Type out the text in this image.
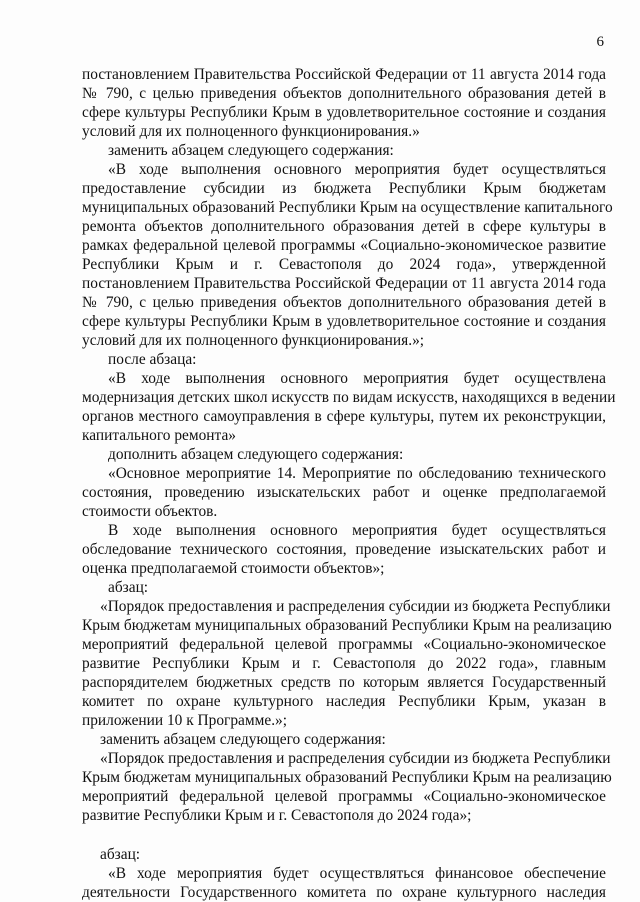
6
постановлением Правительства Российской Федерации от 11 августа 2014 года
№ 790, с целью приведения объектов дополнительного образования детей в
сфере культуры Республики Крым в удовлетворительное состояние и создания
условий для их полноценного функционирования.»
заменить абзацем следующего содержания:
«В ходе выполнения основного мероприятия будет осуществляться
предоставление субсидии из бюджета Республики Крым бюджетам
муниципальных образований Республики Крым на осуществление капитального
ремонта объектов дополнительного образования детей в сфере культуры в
рамках федеральной целевой программы «Социально-экономическое развитие
Республики Крым и г. Севастополя до 2024 года», утвержденной
постановлением Правительства Российской Федерации от 11 августа 2014 года
№ 790, с целью приведения объектов дополнительного образования детей в
сфере культуры Республики Крым в удовлетворительное состояние и создания
условий для их полноценного функционирования.»;
после абзаца:
«В ходе выполнения основного мероприятия будет осуществлена
модернизация детских школ искусств по видам искусств, находящихся в ведении
органов местного самоуправления в сфере культуры, путем их реконструкции,
капитального ремонта»
дополнить абзацем следующего содержания:
«Основное мероприятие 14. Мероприятие по обследованию технического
состояния, проведению изыскательских работ и оценке предполагаемой
стоимости объектов.
В ходе выполнения основного мероприятия будет осуществляться
обследование технического состояния, проведение изыскательских работ и
оценка предполагаемой стоимости объектов»;
абзац:
«Порядок предоставления и распределения субсидии из бюджета Республики
Крым бюджетам муниципальных образований Республики Крым на реализацию
мероприятий федеральной целевой программы «Социально-экономическое
развитие Республики Крым и г. Севастополя до 2022 года», главным
распорядителем бюджетных средств по которым является Государственный
комитет по охране культурного наследия Республики Крым, указан в
приложении 10 к Программе.»;
заменить абзацем следующего содержания:
«Порядок предоставления и распределения субсидии из бюджета Республики
Крым бюджетам муниципальных образований Республики Крым на реализацию
мероприятий федеральной целевой программы «Социально-экономическое
развитие Республики Крым и г. Севастополя до 2024 года»;
абзац:
«В ходе мероприятия будет осуществляться финансовое обеспечение
деятельности Государственного комитета по охране культурного наследия
